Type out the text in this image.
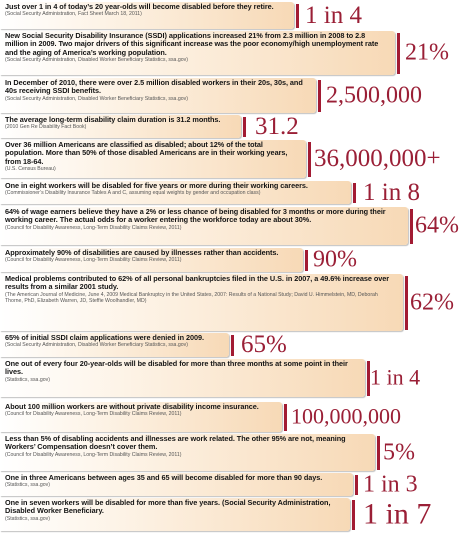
Just over 1 in 4 of today’s 20 year-olds will become disabled before they retire.

(Social Security Administration, Fact Sheet March 18, 2011)	1 in 4

New Social Security Disability Insurance (SSDI) applications increased 21% from 2.3 million in 2008 to 2.8 million in 2009. Two major drivers of this significant increase was the poor economy/high unemployment rate and the aging of America’s working population.

(Social Security Administration, Disabled Worker Beneficiary Statistics, ssa.gov)	21%

In December of 2010, there were over 2.5 million disabled workers in their 20s, 30s, and 40s receiving SSDI benefits.

(Social Security Administration, Disabled Worker Beneficiary Statistics, ssa.gov)	2,500,000

The average long-term disability claim duration is 31.2 months.

(2010 Gen Re Disability Fact Book)	31.2

Over 36 million Americans are classified as disabled; about 12% of the total population. More than 50% of those disabled Americans are in their working years, from 18-64.

(U.S. Census Bureau)	36,000,000+

One in eight workers will be disabled for five years or more during their working careers.

(Commissioner’s Disability Insurance Tables A and C, assuming equal weights by gender and occupation class)	1 in 8

64% of wage earners believe they have a 2% or less chance of being disabled for 3 months or more during their working career. The actual odds for a worker entering the workforce today are about 30%.

(Council for Disability Awareness, Long-Term Disability Claims Review, 2011)	64%

Approximately 90% of disabilities are caused by illnesses rather than accidents.

(Council for Disability Awareness, Long-Term Disability Claims Review, 2011)	90%

Medical problems contributed to 62% of all personal bankruptcies filed in the U.S. in 2007, a 49.6% increase over results from a similar 2001 study.

(The American Journal of Medicine, June 4, 2009 Medical Bankruptcy in the United States, 2007: Results of a National Study; David U. Himmelstein, MD, Deborah Thorne, PhD, Elizabeth Warren, JD, Steffie Woolhandler, MD)	62%

65% of initial SSDI claim applications were denied in 2009.

(Social Security Administration, Disabled Worker Beneficiary Statistics, ssa.gov)	65%

One out of every four 20-year-olds will be disabled for more than three months at some point in their lives.

(Statistics, ssa.gov)	1 in 4

About 100 million workers are without private disability income insurance.

(Council for Disability Awareness, Long-Term Disability Claims Review, 2011)	100,000,000

Less than 5% of disabling accidents and illnesses are work related. The other 95% are not, meaning Workers’ Compensation doesn’t cover them.

(Council for Disability Awareness, Long-Term Disability Claims Review, 2011)	5%

One in three Americans between ages 35 and 65 will become disabled for more than 90 days.

(Statistics, ssa.gov)	1 in 3

One in seven workers will be disabled for more than five years. (Social Security Administration, Disabled Worker Beneficiary.

(Statistics, ssa.gov)	1 in 7
